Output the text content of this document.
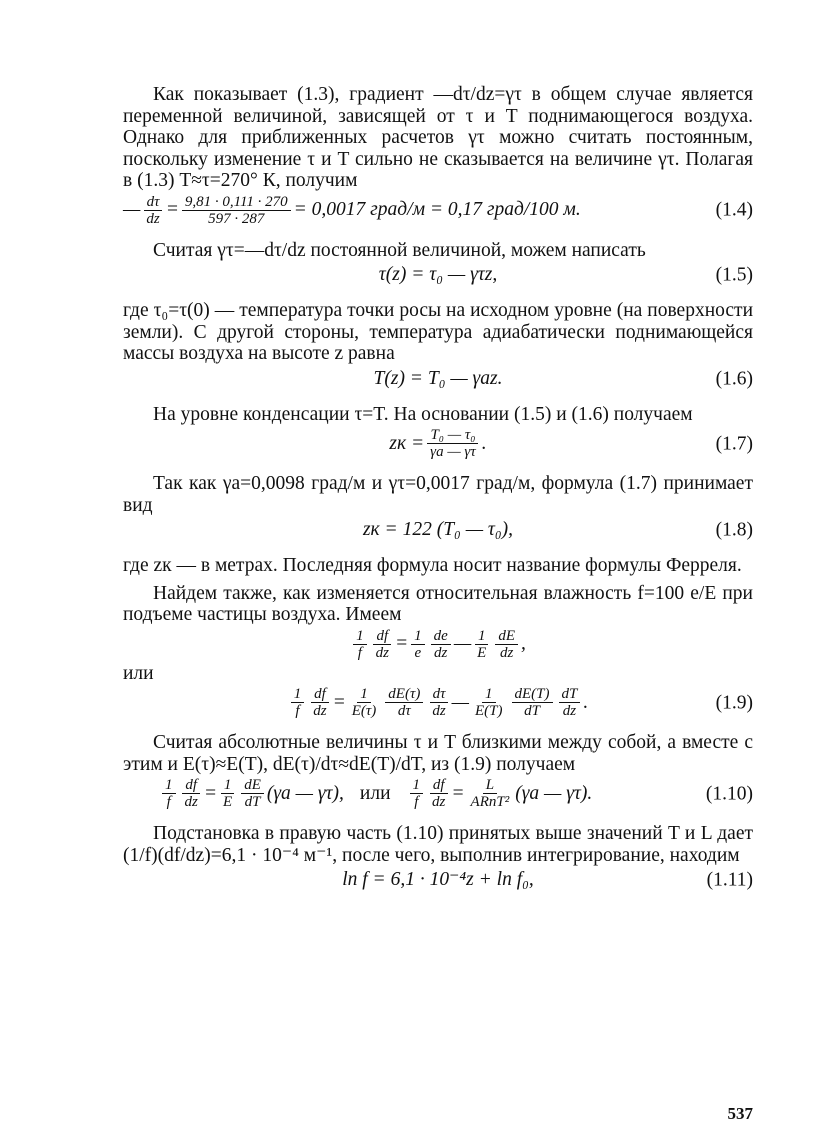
Как показывает (1.3), градиент —dτ/dz=γτ в общем случае является переменной величиной, зависящей от τ и T поднимающегося воздуха. Однако для приближенных расчетов γτ можно считать постоянным, поскольку изменение τ и T сильно не сказывается на величине γτ. Полагая в (1.3) T≈τ=270° К, получим

— $\frac{d\tau}{dz} = \frac{9,81 \cdot 0,111 \cdot 270}{597 \cdot 287} = 0,0017$ град/м = 0,17 град/100 м.	(1.4)

Считая γτ=—dτ/dz постоянной величиной, можем написать

τ(z) = τ₀ — γτz,	(1.5)

где τ₀=τ(0) — температура точки росы на исходном уровне (на поверхности земли). С другой стороны, температура адиабатически поднимающейся массы воздуха на высоте z равна

T(z) = T₀ — γаz.	(1.6)

На уровне конденсации τ=T. На основании (1.5) и (1.6) получаем

zк = $\frac{\text{T₀ — τ₀}}{\gamma а — \gamma\tau}$ .	(1.7)

Так как γа=0,0098 град/м и γτ=0,0017 град/м, формула (1.7) принимает вид

zк = 122 (T₀ — τ₀),	(1.8)

где zк — в метрах. Последняя формула носит название формулы Ферреля.

Найдем также, как изменяется относительная влажность f=100 e/E при подъеме частицы воздуха. Имеем

$\frac{1}{f} \frac{df}{dz} = \frac{1}{e} \frac{de}{dz}$ — $\frac{1}{E} \frac{dE}{dz}$ ,

или

$\frac{1}{f} \frac{df}{dz} = \frac{1}{E(\tau)} \frac{dE(\tau)}{d\tau} \frac{d\tau}{dz}$ — $\frac{1}{E(T)} \frac{dE(T)}{dT} \frac{dT}{dz}$ .	(1.9)

Считая абсолютные величины τ и T близкими между собой, а вместе с этим и E(τ)≈E(T), dE(τ)/dτ≈dE(T)/dT, из (1.9) получаем

$\frac{1}{f} \frac{df}{dz} = \frac{1}{E} \frac{dE}{dT} (\gamma а$ — γτ), или $\frac{1}{f} \frac{df}{dz} = \frac{L}{\text{ARпT²}} (\gamma а$ — γτ).	(1.10)

Подстановка в правую часть (1.10) принятых выше значений T и L дает (1/f)(df/dz)=6,1 · 10⁻⁴ м⁻¹, после чего, выполнив интегрирование, находим

ln f = 6,1 · 10⁻⁴z + ln f₀,	(1.11)
537
